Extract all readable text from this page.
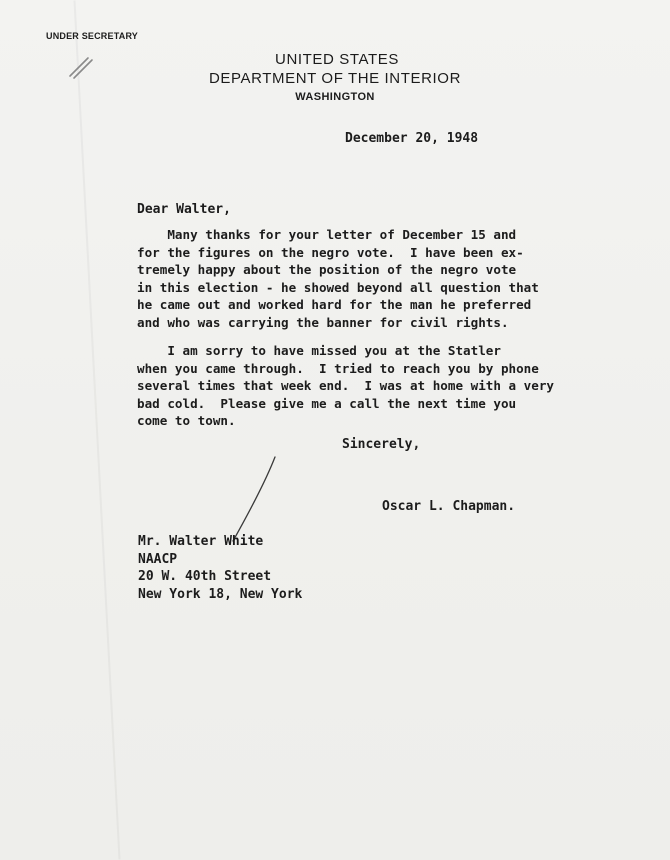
UNDER SECRETARY
UNITED STATES
DEPARTMENT OF THE INTERIOR
WASHINGTON
December 20, 1948
Dear Walter,
Many thanks for your letter of December 15 and
for the figures on the negro vote.  I have been ex-
tremely happy about the position of the negro vote
in this election - he showed beyond all question that
he came out and worked hard for the man he preferred
and who was carrying the banner for civil rights.
I am sorry to have missed you at the Statler
when you came through.  I tried to reach you by phone
several times that week end.  I was at home with a very
bad cold.  Please give me a call the next time you
come to town.
Sincerely,
Oscar L. Chapman.
Mr. Walter White
NAACP
20 W. 40th Street
New York 18, New York
